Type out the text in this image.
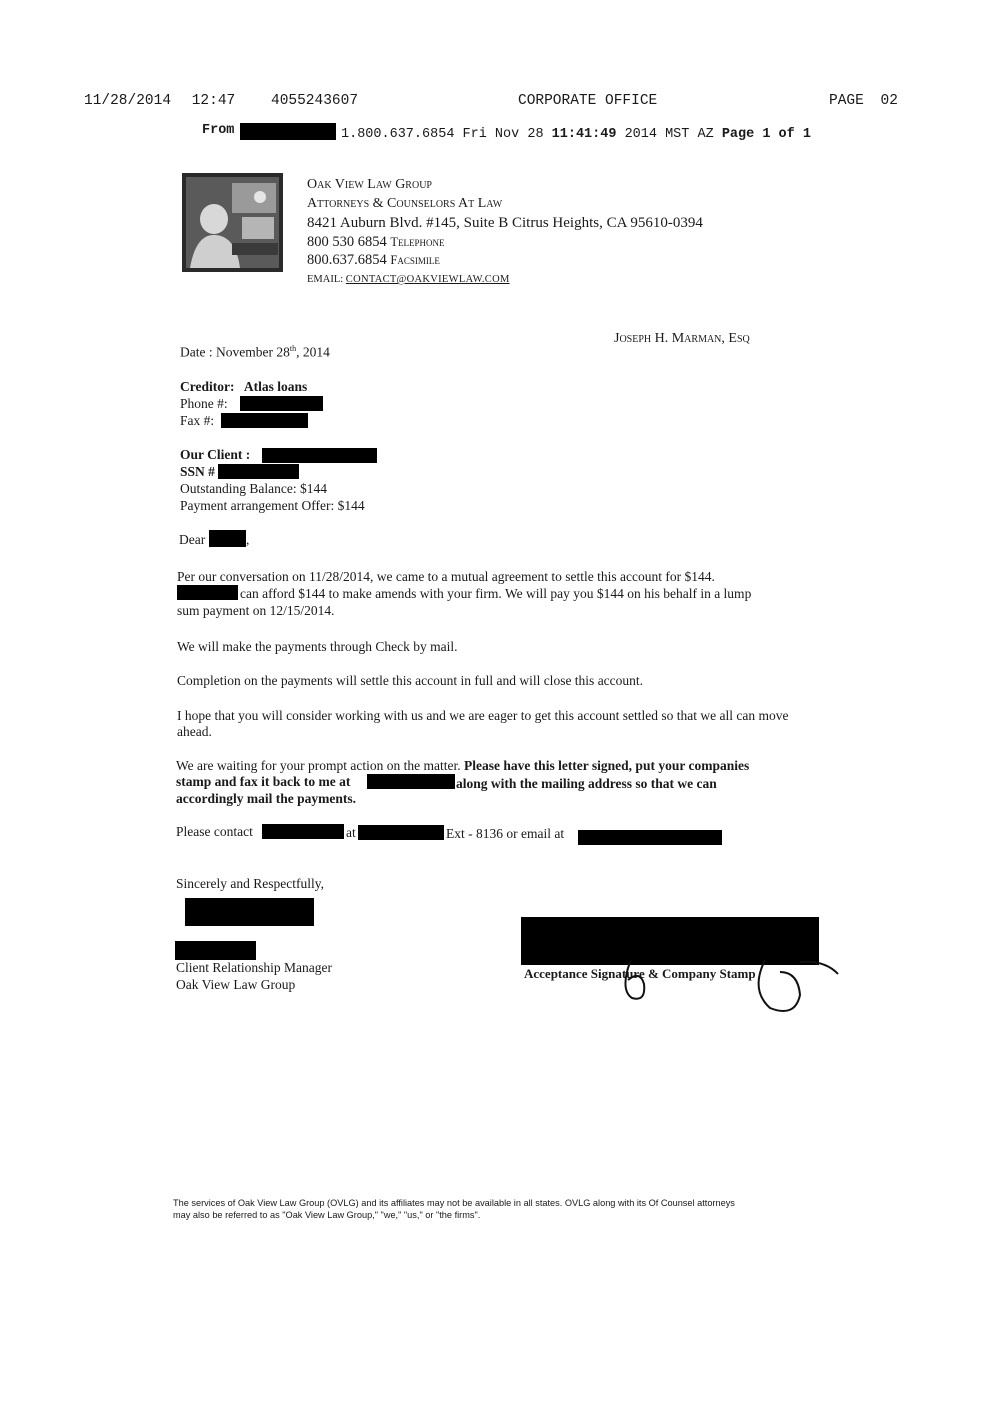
11/28/2014 12:47 4055243607	CORPORATE OFFICE	PAGE 02
From	1.800.637.6854 Fri Nov 28 11:41:49 2014 MST AZ Page 1 of 1
Oak View Law Group
Attorneys & Counselors At Law
8421 Auburn Blvd. #145, Suite B Citrus Heights, CA 95610-0394
800 530 6854 Telephone
800.637.6854 Facsimile
EMAIL: CONTACT@OAKVIEWLAW.COM
Joseph H. Marman, Esq
Date : November 28th, 2014
Creditor: Atlas loans
Phone #:
Fax #:
Our Client :
SSN #
Outstanding Balance: $144
Payment arrangement Offer: $144
Dear	,
Per our conversation on 11/28/2014, we came to a mutual agreement to settle this account for $144.
can afford $144 to make amends with your firm. We will pay you $144 on his behalf in a lump
sum payment on 12/15/2014.
We will make the payments through Check by mail.
Completion on the payments will settle this account in full and will close this account.
I hope that you will consider working with us and we are eager to get this account settled so that we all can move ahead.
We are waiting for your prompt action on the matter. Please have this letter signed, put your companies
stamp and fax it back to me at	along with the mailing address so that we can
accordingly mail the payments.
Please contact	at	Ext - 8136 or email at
Sincerely and Respectfully,
Client Relationship Manager
Oak View Law Group
Acceptance Signature & Company Stamp
The services of Oak View Law Group (OVLG) and its affiliates may not be available in all states. OVLG along with its Of Counsel attorneys
may also be referred to as "Oak View Law Group," "we," "us," or "the firms".
